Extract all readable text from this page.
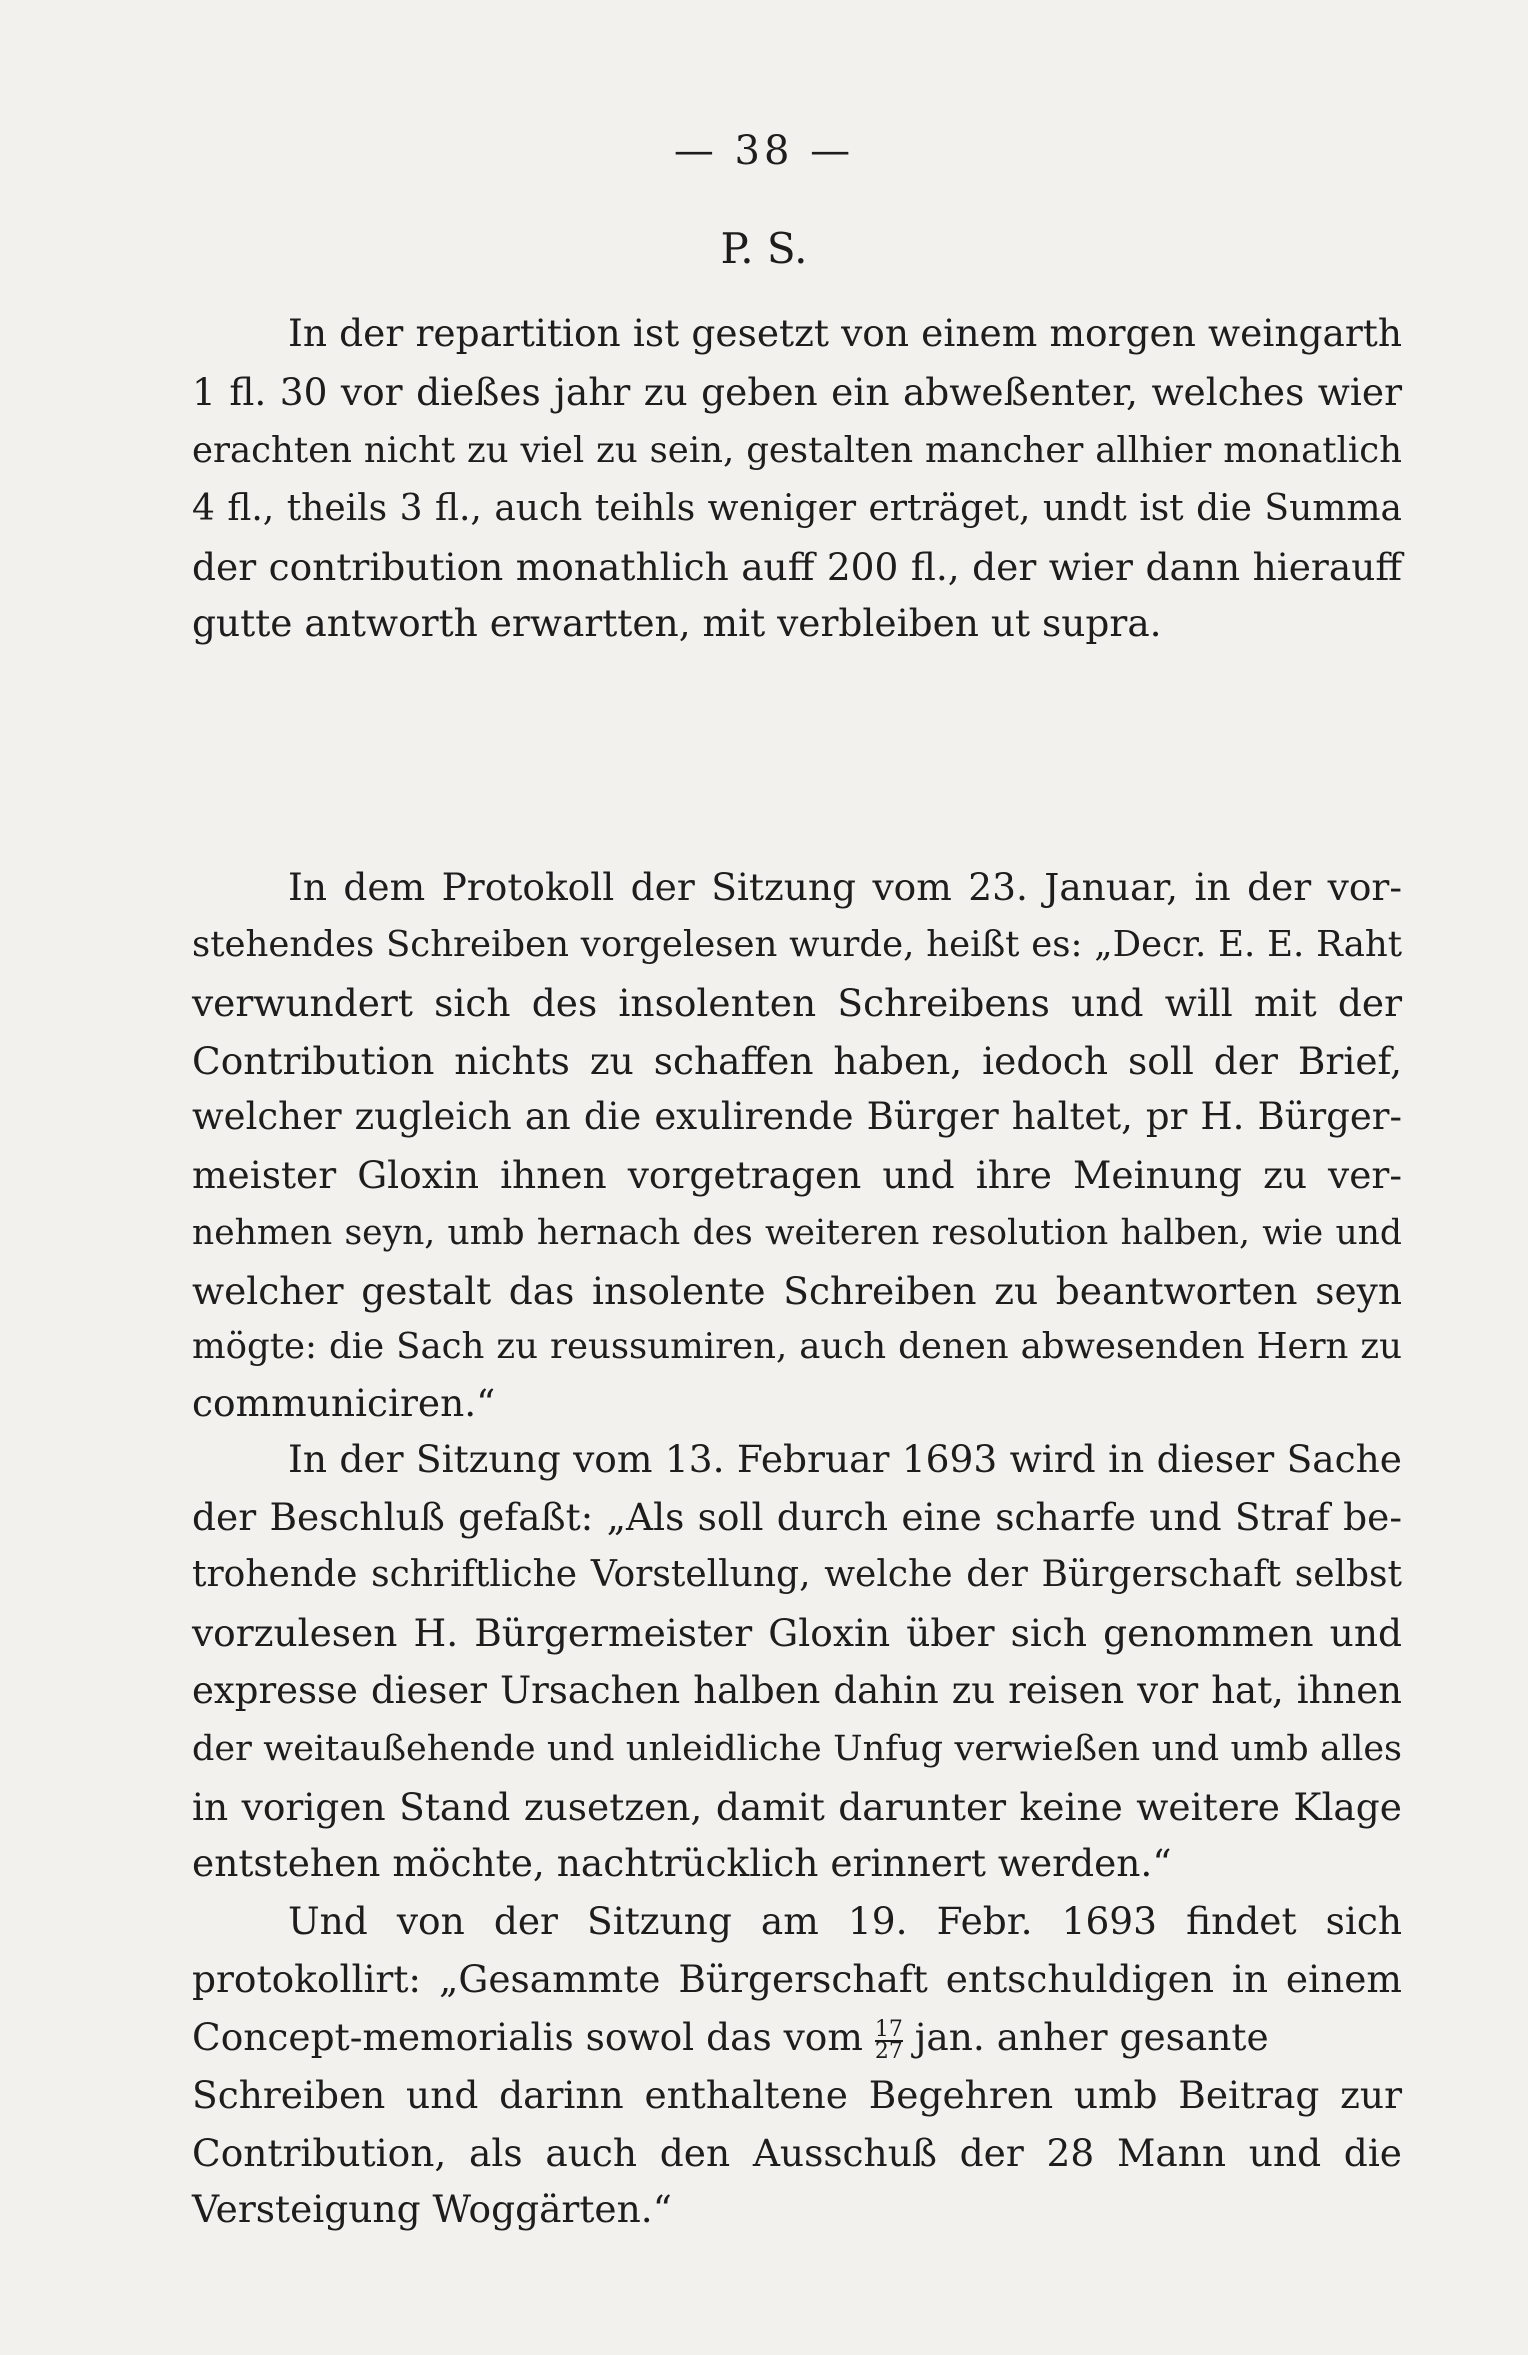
— 38 —
P. S.
In der repartition ist gesetzt von einem morgen weingarth
1 fl. 30 vor dießes jahr zu geben ein abweßenter, welches wier
erachten nicht zu viel zu sein, gestalten mancher allhier monatlich
4 fl., theils 3 fl., auch teihls weniger erträget, undt ist die Summa
der contribution monathlich auff 200 fl., der wier dann hierauff
gutte antworth erwartten, mit verbleiben ut supra.
In dem Protokoll der Sitzung vom 23. Januar, in der vor-
stehendes Schreiben vorgelesen wurde, heißt es: „Decr. E. E. Raht
verwundert sich des insolenten Schreibens und will mit der
Contribution nichts zu schaffen haben, iedoch soll der Brief,
welcher zugleich an die exulirende Bürger haltet, pr H. Bürger-
meister Gloxin ihnen vorgetragen und ihre Meinung zu ver-
nehmen seyn, umb hernach des weiteren resolution halben, wie und
welcher gestalt das insolente Schreiben zu beantworten seyn
mögte: die Sach zu reussumiren, auch denen abwesenden Hern zu
communiciren.“
In der Sitzung vom 13. Februar 1693 wird in dieser Sache
der Beschluß gefaßt: „Als soll durch eine scharfe und Straf be-
trohende schriftliche Vorstellung, welche der Bürgerschaft selbst
vorzulesen H. Bürgermeister Gloxin über sich genommen und
expresse dieser Ursachen halben dahin zu reisen vor hat, ihnen
der weitaußehende und unleidliche Unfug verwießen und umb alles
in vorigen Stand zusetzen, damit darunter keine weitere Klage
entstehen möchte, nachtrücklich erinnert werden.“
Und von der Sitzung am 19. Febr. 1693 findet sich
protokollirt: „Gesammte Bürgerschaft entschuldigen in einem
Concept-memorialis sowol das vom $\frac{17}{27}$ jan. anher gesante
Schreiben und darinn enthaltene Begehren umb Beitrag zur
Contribution, als auch den Ausschuß der 28 Mann und die
Versteigung Woggärten.“
